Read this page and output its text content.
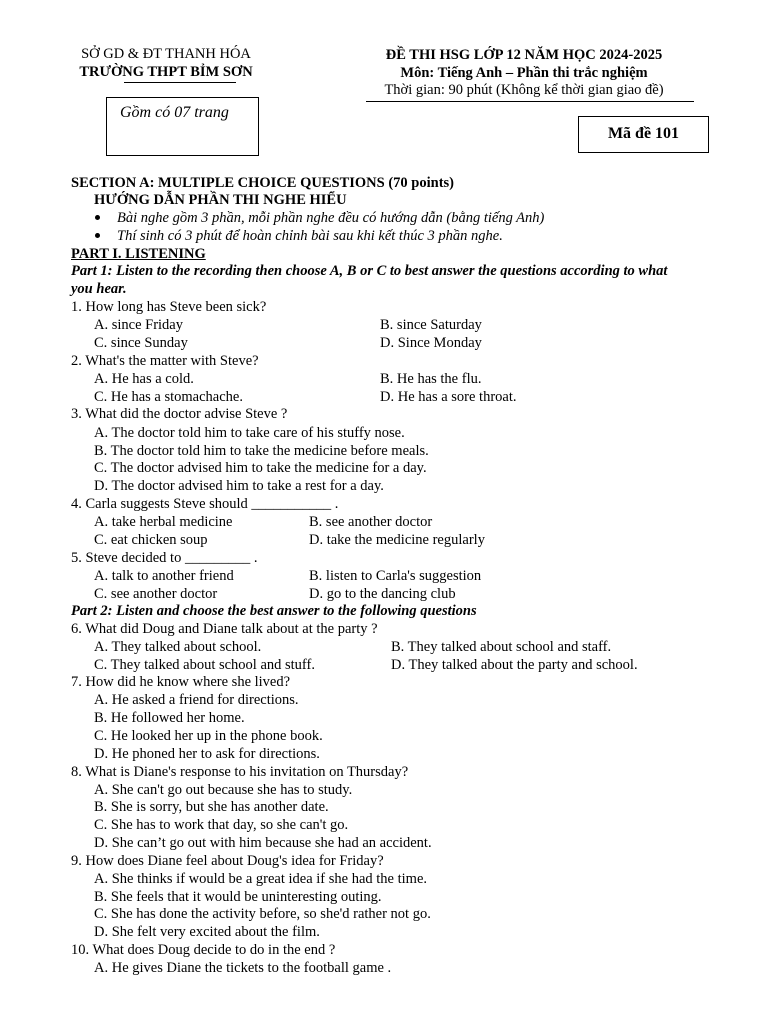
SỞ GD & ĐT THANH HÓA
TRƯỜNG THPT BỈM SƠN
ĐỀ THI HSG LỚP 12 NĂM HỌC 2024-2025
Môn: Tiếng Anh – Phần thi trắc nghiệm
Thời gian: 90 phút (Không kể thời gian giao đề)
Gồm có 07 trang
Mã đề 101
SECTION A: MULTIPLE CHOICE QUESTIONS (70 points)
HƯỚNG DẪN PHẦN THI NGHE HIỂU
Bài nghe gồm 3 phần, mỗi phần nghe đều có hướng dẫn (bằng tiếng Anh)
Thí sinh có 3 phút để hoàn chỉnh bài sau khi kết thúc 3 phần nghe.
PART I. LISTENING
Part 1: Listen to the recording then choose A, B or C to best answer the questions according to what
you hear.
1. How long has Steve been sick?
A. since Friday	B. since Saturday
C. since Sunday	D. Since Monday
2. What's the matter with Steve?
A. He has a cold.	B. He has the flu.
C. He has a stomachache.	D. He has a sore throat.
3. What did the doctor advise Steve ?
A. The doctor told him to take care of his stuffy nose.
B. The doctor told him to take the medicine before meals.
C. The doctor advised him to take the medicine for a day.
D. The doctor advised him to take a rest for a day.
4. Carla suggests Steve should ___________ .
A. take herbal medicine	B. see another doctor
C. eat chicken soup	D. take the medicine regularly
5. Steve decided to _________ .
A. talk to another friend	B. listen to Carla's suggestion
C. see another doctor	D. go to the dancing club
Part 2: Listen and choose the best answer to the following questions
6. What did Doug and Diane talk about at the party ?
A. They talked about school.	B. They talked about school and staff.
C. They talked about school and stuff.	D. They talked about the party and school.
7. How did he know where she lived?
A. He asked a friend for directions.
B. He followed her home.
C. He looked her up in the phone book.
D. He phoned her to ask for directions.
8. What is Diane's response to his invitation on Thursday?
A. She can't go out because she has to study.
B. She is sorry, but she has another date.
C. She has to work that day, so she can't go.
D. She can’t go out with him because she had an accident.
9. How does Diane feel about Doug's idea for Friday?
A. She thinks if would be a great idea if she had the time.
B. She feels that it would be uninteresting outing.
C. She has done the activity before, so she'd rather not go.
D. She felt very excited about the film.
10. What does Doug decide to do in the end ?
A. He gives Diane the tickets to the football game .
